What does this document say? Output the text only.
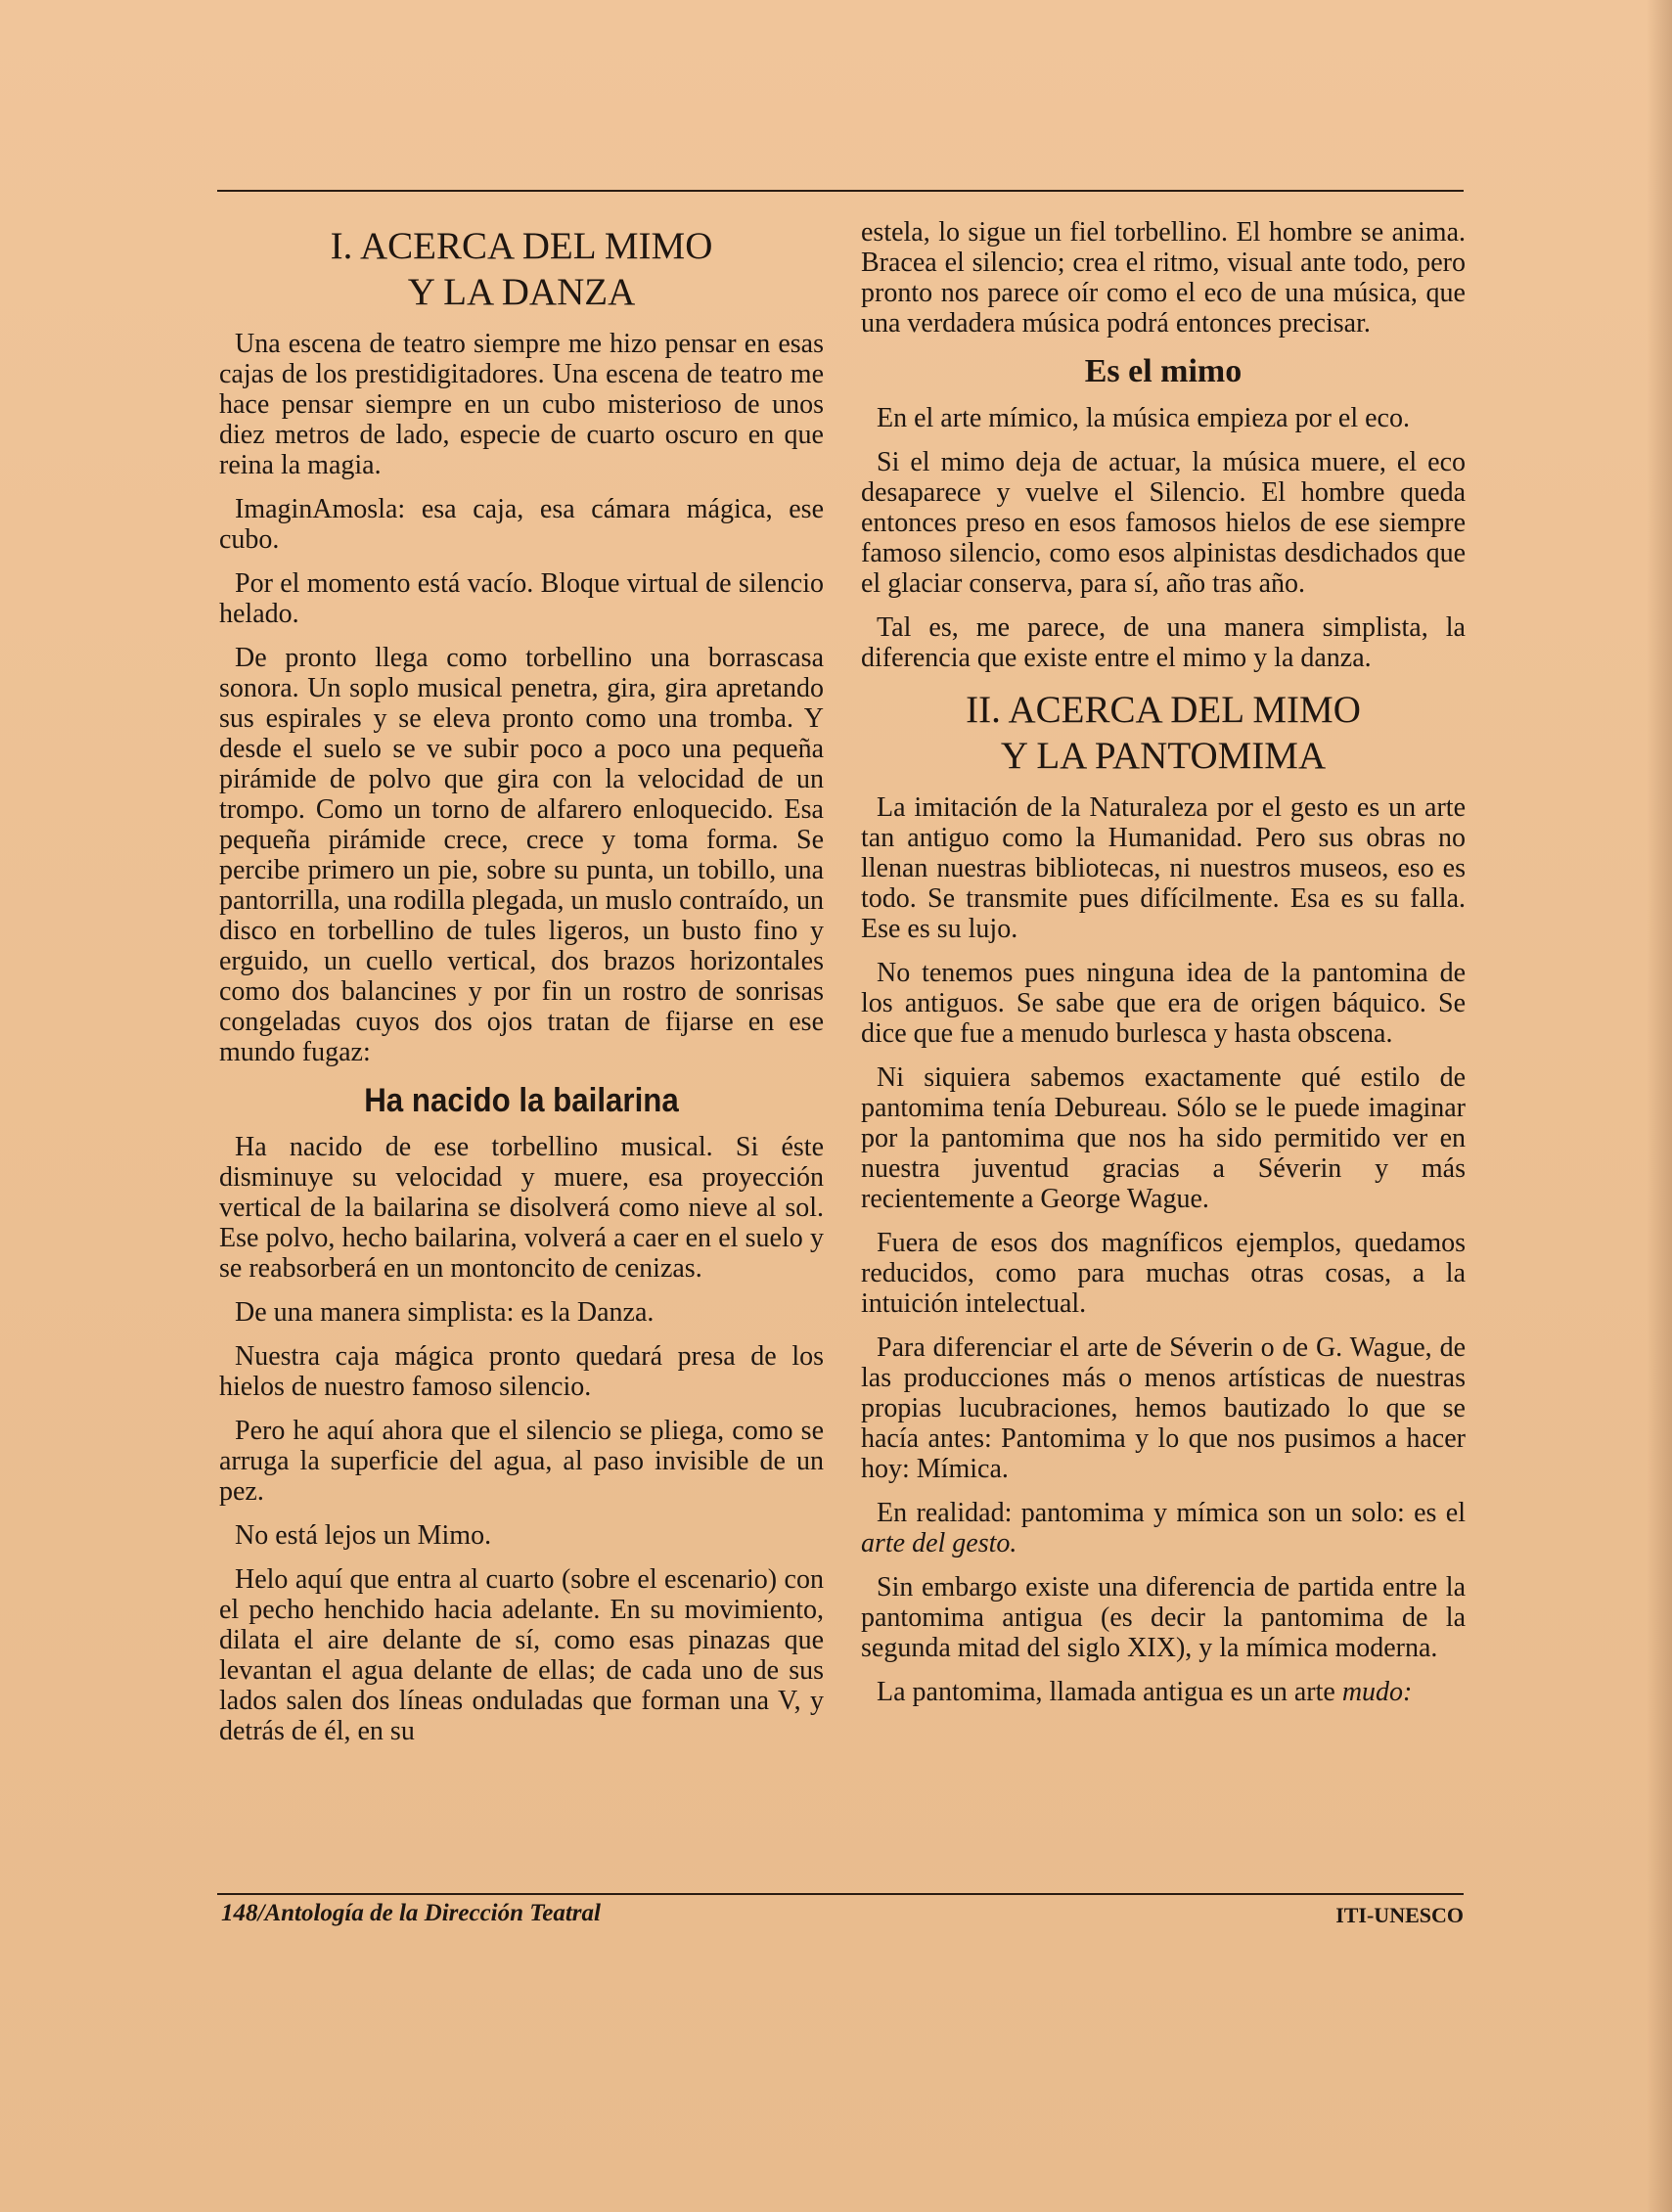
I. ACERCA DEL MIMO
Y LA DANZA

Una escena de teatro siempre me hizo pensar en esas cajas de los prestidigitadores. Una escena de teatro me hace pensar siempre en un cubo misterioso de unos diez metros de lado, especie de cuarto oscuro en que reina la magia.

ImaginAmosla: esa caja, esa cámara mágica, ese cubo.

Por el momento está vacío. Bloque virtual de silencio helado.

De pronto llega como torbellino una borrascasa sonora. Un soplo musical penetra, gira, gira apretando sus espirales y se eleva pronto como una tromba. Y desde el suelo se ve subir poco a poco una pequeña pirámide de polvo que gira con la velocidad de un trompo. Como un torno de alfarero enloquecido. Esa pequeña pirámide crece, crece y toma forma. Se percibe primero un pie, sobre su punta, un tobillo, una pantorrilla, una rodilla plegada, un muslo contraído, un disco en torbellino de tules ligeros, un busto fino y erguido, un cuello vertical, dos brazos horizontales como dos balancines y por fin un rostro de sonrisas congeladas cuyos dos ojos tratan de fijarse en ese mundo fugaz:

Ha nacido la bailarina

Ha nacido de ese torbellino musical. Si éste disminuye su velocidad y muere, esa proyección vertical de la bailarina se disolverá como nieve al sol. Ese polvo, hecho bailarina, volverá a caer en el suelo y se reabsorberá en un montoncito de cenizas.

De una manera simplista: es la Danza.

Nuestra caja mágica pronto quedará presa de los hielos de nuestro famoso silencio.

Pero he aquí ahora que el silencio se pliega, como se arruga la superficie del agua, al paso invisible de un pez.

No está lejos un Mimo.

Helo aquí que entra al cuarto (sobre el escenario) con el pecho henchido hacia adelante. En su movimiento, dilata el aire delante de sí, como esas pinazas que levantan el agua delante de ellas; de cada uno de sus lados salen dos líneas onduladas que forman una V, y detrás de él, en su

estela, lo sigue un fiel torbellino. El hombre se anima. Bracea el silencio; crea el ritmo, visual ante todo, pero pronto nos parece oír como el eco de una música, que una verdadera música podrá entonces precisar.

Es el mimo

En el arte mímico, la música empieza por el eco.

Si el mimo deja de actuar, la música muere, el eco desaparece y vuelve el Silencio. El hombre queda entonces preso en esos famosos hielos de ese siempre famoso silencio, como esos alpinistas desdichados que el glaciar conserva, para sí, año tras año.

Tal es, me parece, de una manera simplista, la diferencia que existe entre el mimo y la danza.

II. ACERCA DEL MIMO
Y LA PANTOMIMA

La imitación de la Naturaleza por el gesto es un arte tan antiguo como la Humanidad. Pero sus obras no llenan nuestras bibliotecas, ni nuestros museos, eso es todo. Se transmite pues difícilmente. Esa es su falla. Ese es su lujo.

No tenemos pues ninguna idea de la pantomina de los antiguos. Se sabe que era de origen báquico. Se dice que fue a menudo burlesca y hasta obscena.

Ni siquiera sabemos exactamente qué estilo de pantomima tenía Debureau. Sólo se le puede imaginar por la pantomima que nos ha sido permitido ver en nuestra juventud gracias a Séverin y más recientemente a George Wague.

Fuera de esos dos magníficos ejemplos, quedamos reducidos, como para muchas otras cosas, a la intuición intelectual.

Para diferenciar el arte de Séverin o de G. Wague, de las producciones más o menos artísticas de nuestras propias lucubraciones, hemos bautizado lo que se hacía antes: Pantomima y lo que nos pusimos a hacer hoy: Mímica.

En realidad: pantomima y mímica son un solo: es el arte del gesto.

Sin embargo existe una diferencia de partida entre la pantomima antigua (es decir la pantomima de la segunda mitad del siglo XIX), y la mímica moderna.

La pantomima, llamada antigua es un arte mudo:

148/Antología de la Dirección Teatral	ITI-UNESCO
